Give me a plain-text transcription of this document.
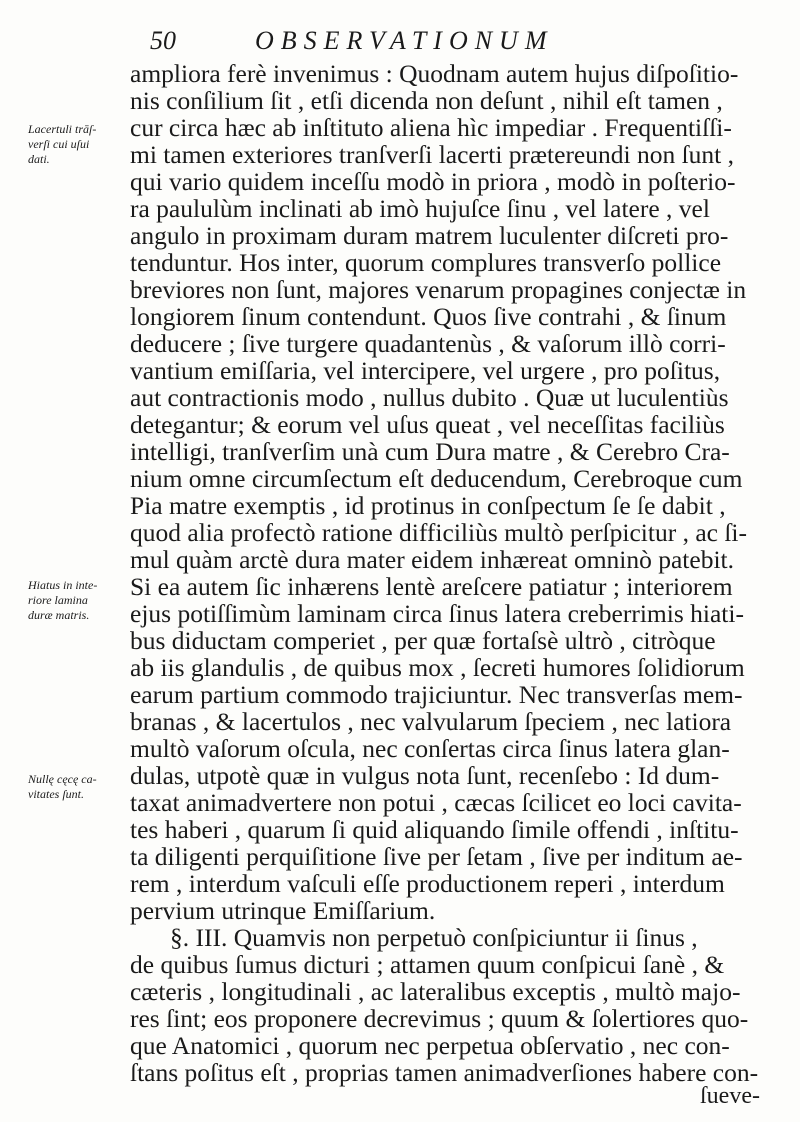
50	OBSERVATIONUM
Lacertuli trāſ-
verſi cui uſui
dati.
Hiatus in inte-
riore lamina
duræ matris.
Nullę cęcę ca-
vitates ſunt.
ampliora ferè invenimus : Quodnam autem hujus diſpoſitio-
nis conſilium ſit , etſi dicenda non deſunt , nihil eſt tamen ,
cur circa hæc ab inſtituto aliena hìc impediar . Frequentiſſi-
mi tamen exteriores tranſverſi lacerti prætereundi non ſunt ,
qui vario quidem inceſſu modò in priora , modò in poſterio-
ra paululùm inclinati ab imò hujuſce ſinu , vel latere , vel
angulo in proximam duram matrem luculenter diſcreti pro-
tenduntur. Hos inter, quorum complures transverſo pollice
breviores non ſunt, majores venarum propagines conjectæ in
longiorem ſinum contendunt. Quos ſive contrahi , & ſinum
deducere ; ſive turgere quadantenùs , & vaſorum illò corri-
vantium emiſſaria, vel intercipere, vel urgere , pro poſitus,
aut contractionis modo , nullus dubito . Quæ ut luculentiùs
detegantur; & eorum vel uſus queat , vel neceſſitas faciliùs
intelligi, tranſverſim unà cum Dura matre , & Cerebro Cra-
nium omne circumſectum eſt deducendum, Cerebroque cum
Pia matre exemptis , id protinus in conſpectum ſe ſe dabit ,
quod alia profectò ratione difficiliùs multò perſpicitur , ac ſi-
mul quàm arctè dura mater eidem inhæreat omninò patebit.
Si ea autem ſic inhærens lentè areſcere patiatur ; interiorem
ejus potiſſimùm laminam circa ſinus latera creberrimis hiati-
bus diductam comperiet , per quæ fortaſsè ultrò , citròque
ab iis glandulis , de quibus mox , ſecreti humores ſolidiorum
earum partium commodo trajiciuntur. Nec transverſas mem-
branas , & lacertulos , nec valvularum ſpeciem , nec latiora
multò vaſorum oſcula, nec conſertas circa ſinus latera glan-
dulas, utpotè quæ in vulgus nota ſunt, recenſebo : Id dum-
taxat animadvertere non potui , cæcas ſcilicet eo loci cavita-
tes haberi , quarum ſi quid aliquando ſimile offendi , inſtitu-
ta diligenti perquiſitione ſive per ſetam , ſive per inditum ae-
rem , interdum vaſculi eſſe productionem reperi , interdum
pervium utrinque Emiſſarium.
§. III. Quamvis non perpetuò conſpiciuntur ii ſinus ,
de quibus ſumus dicturi ; attamen quum conſpicui ſanè , &
cæteris , longitudinali , ac lateralibus exceptis , multò majo-
res ſint; eos proponere decrevimus ; quum & ſolertiores quo-
que Anatomici , quorum nec perpetua obſervatio , nec con-
ſtans poſitus eſt , proprias tamen animadverſiones habere con-
ſueve-
